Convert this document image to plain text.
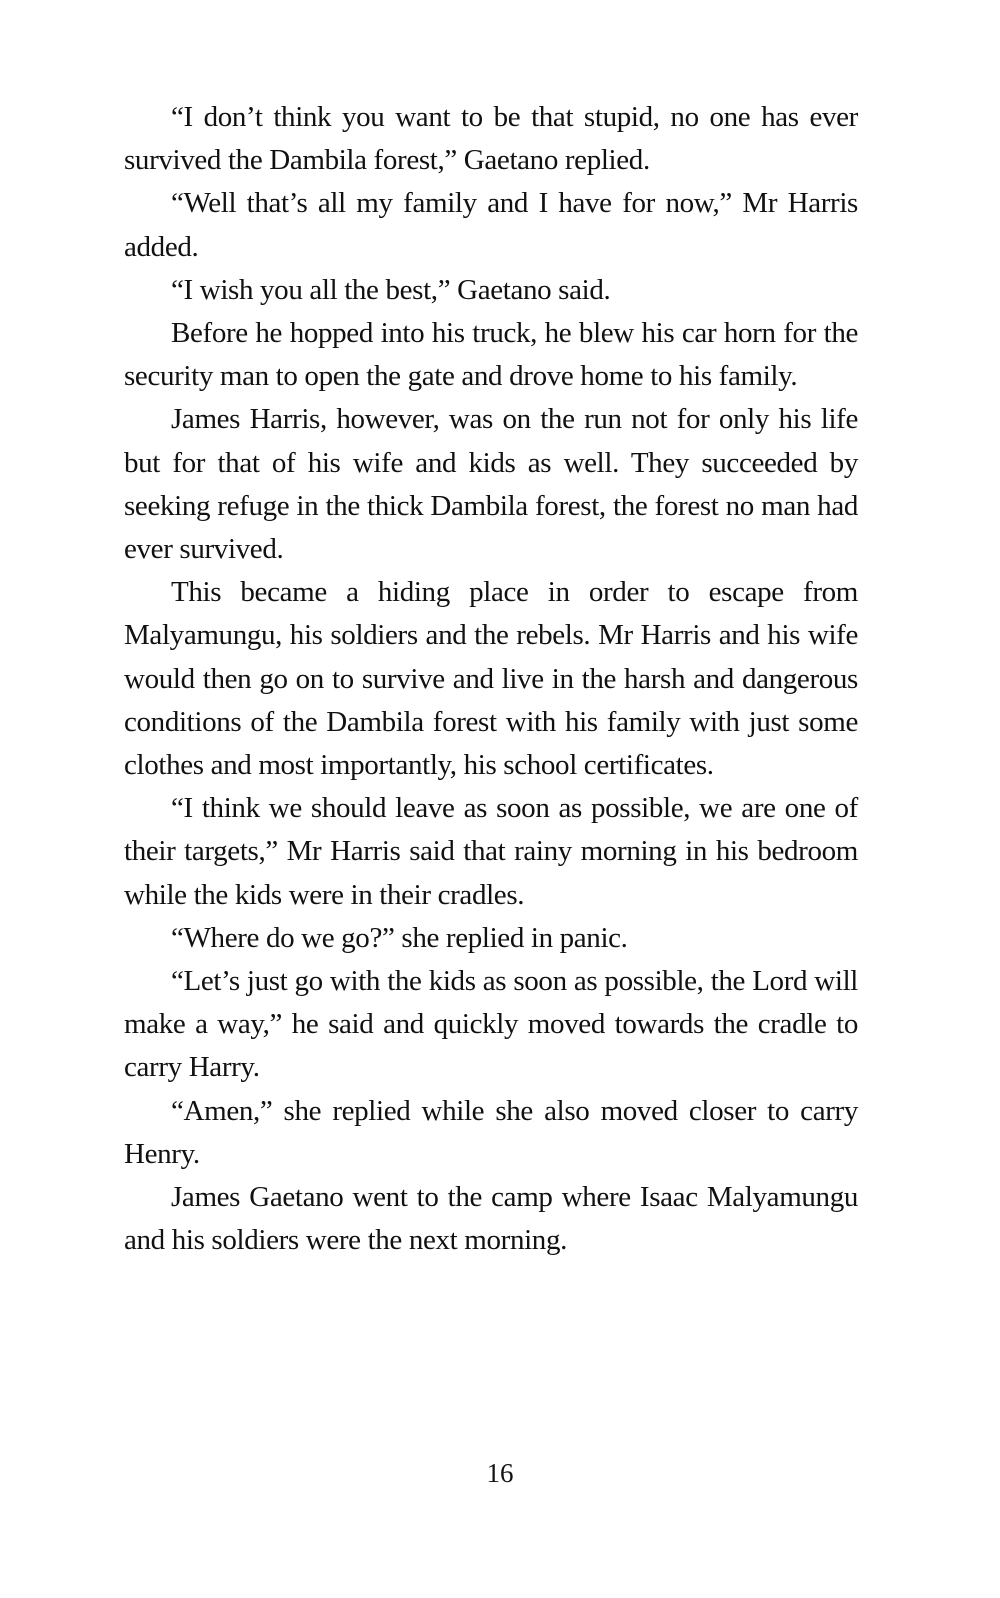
“I don’t think you want to be that stupid, no one has ever survived the Dambila forest,” Gaetano replied.

“Well that’s all my family and I have for now,” Mr Harris added.

“I wish you all the best,” Gaetano said.

Before he hopped into his truck, he blew his car horn for the security man to open the gate and drove home to his family.

James Harris, however, was on the run not for only his life but for that of his wife and kids as well. They succeeded by seeking refuge in the thick Dambila forest, the forest no man had ever survived.

This became a hiding place in order to escape from Malyamungu, his soldiers and the rebels. Mr Harris and his wife would then go on to survive and live in the harsh and dangerous conditions of the Dambila forest with his family with just some clothes and most importantly, his school certificates.

“I think we should leave as soon as possible, we are one of their targets,” Mr Harris said that rainy morning in his bedroom while the kids were in their cradles.

“Where do we go?” she replied in panic.

“Let’s just go with the kids as soon as possible, the Lord will make a way,” he said and quickly moved towards the cradle to carry Harry.

“Amen,” she replied while she also moved closer to carry Henry.

James Gaetano went to the camp where Isaac Malyamungu and his soldiers were the next morning.

16
